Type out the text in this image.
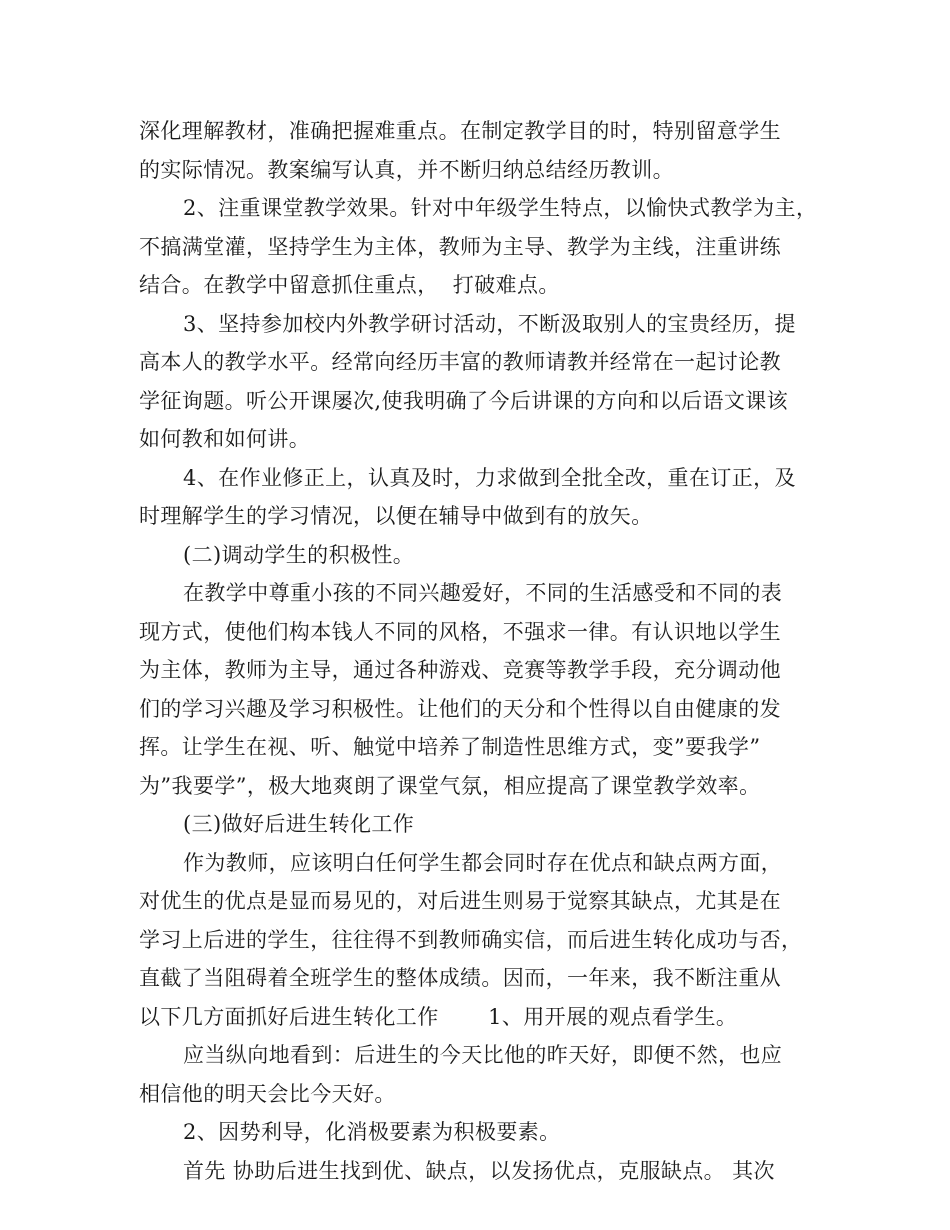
深化理解教材，准确把握难重点。在制定教学目的时，特别留意学生
的实际情况。教案编写认真，并不断归纳总结经历教训。
2、注重课堂教学效果。针对中年级学生特点，以愉快式教学为主，
不搞满堂灌，坚持学生为主体，教师为主导、教学为主线，注重讲练
结合。在教学中留意抓住重点，  打破难点。
3、坚持参加校内外教学研讨活动，不断汲取别人的宝贵经历，提
高本人的教学水平。经常向经历丰富的教师请教并经常在一起讨论教
学征询题。听公开课屡次,使我明确了今后讲课的方向和以后语文课该
如何教和如何讲。
4、在作业修正上，认真及时，力求做到全批全改，重在订正，及
时理解学生的学习情况，以便在辅导中做到有的放矢。
(二)调动学生的积极性。
在教学中尊重小孩的不同兴趣爱好，不同的生活感受和不同的表
现方式，使他们构本钱人不同的风格，不强求一律。有认识地以学生
为主体，教师为主导，通过各种游戏、竞赛等教学手段，充分调动他
们的学习兴趣及学习积极性。让他们的天分和个性得以自由健康的发
挥。让学生在视、听、触觉中培养了制造性思维方式，变”要我学”
为”我要学”，极大地爽朗了课堂气氛，相应提高了课堂教学效率。
(三)做好后进生转化工作
作为教师，应该明白任何学生都会同时存在优点和缺点两方面，
对优生的优点是显而易见的，对后进生则易于觉察其缺点，尤其是在
学习上后进的学生，往往得不到教师确实信，而后进生转化成功与否，
直截了当阻碍着全班学生的整体成绩。因而，一年来，我不断注重从
以下几方面抓好后进生转化工作       1、用开展的观点看学生。
应当纵向地看到：后进生的今天比他的昨天好，即便不然，也应
相信他的明天会比今天好。
2、因势利导，化消极要素为积极要素。
首先 协助后进生找到优、缺点，以发扬优点，克服缺点。 其次
